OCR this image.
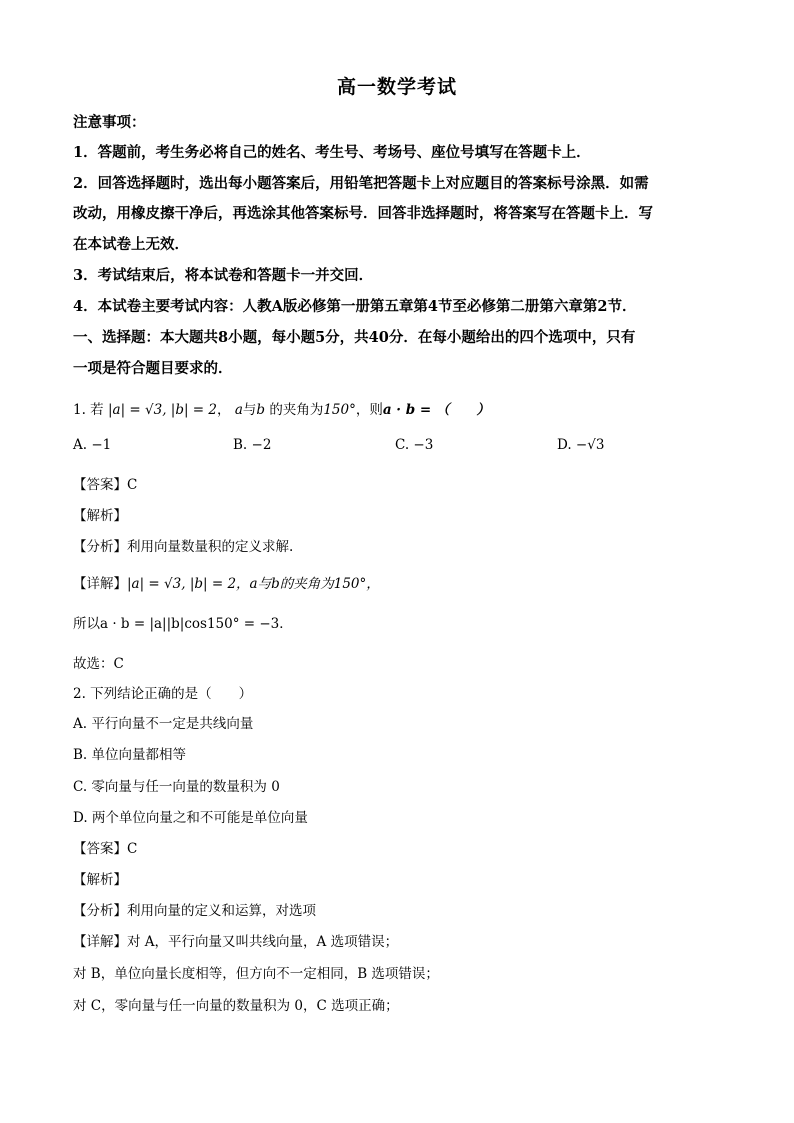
高一数学考试
注意事项：
1．答题前，考生务必将自己的姓名、考生号、考场号、座位号填写在答题卡上．
2．回答选择题时，选出每小题答案后，用铅笔把答题卡上对应题目的答案标号涂黑．如需
改动，用橡皮擦干净后，再选涂其他答案标号．回答非选择题时，将答案写在答题卡上．写
在本试卷上无效．
3．考试结束后，将本试卷和答题卡一并交回．
4．本试卷主要考试内容：人教A版必修第一册第五章第4节至必修第二册第六章第2节．
一、选择题：本大题共8小题，每小题5分，共40分．在每小题给出的四个选项中，只有
一项是符合题目要求的．
1. 若 |a| = √3, |b| = 2， a与b 的夹角为150°，则a · b = （　　）
A. −1	B. −2	C. −3	D. −√3
【答案】C
【解析】
【分析】利用向量数量积的定义求解.
【详解】|a| = √3, |b| = 2，a与b的夹角为150°，
所以a · b = |a||b|cos150° = −3．
故选：C
2. 下列结论正确的是（　　）
A. 平行向量不一定是共线向量
B. 单位向量都相等
C. 零向量与任一向量的数量积为 0
D. 两个单位向量之和不可能是单位向量
【答案】C
【解析】
【分析】利用向量的定义和运算，对选项
【详解】对 A，平行向量又叫共线向量，A 选项错误；
对 B，单位向量长度相等，但方向不一定相同，B 选项错误；
对 C，零向量与任一向量的数量积为 0，C 选项正确；
